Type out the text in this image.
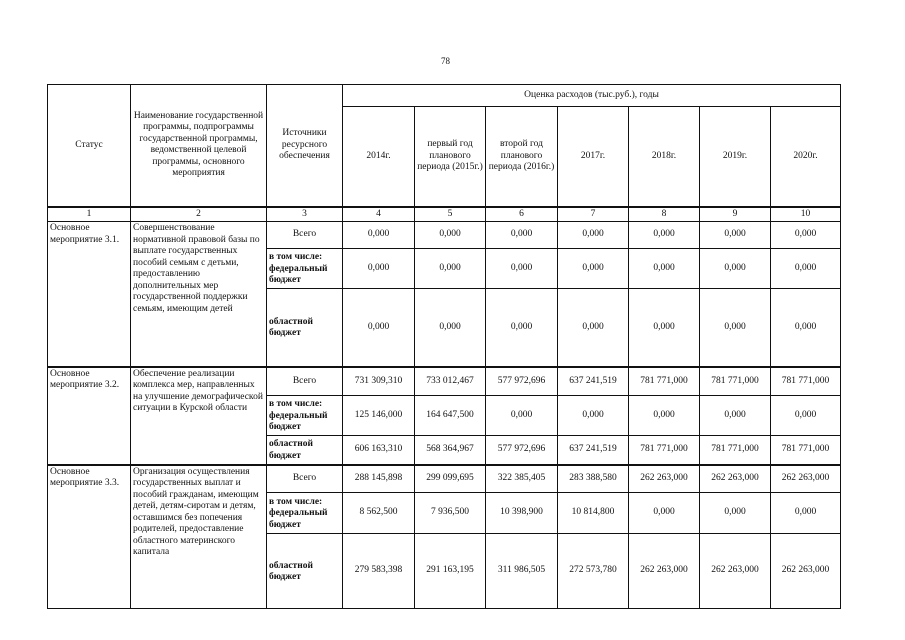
78
Статус	Наименование государственной программы, подпрограммы государственной программы, ведомственной целевой программы, основного мероприятия	Источники ресурсного обеспечения	Оценка расходов (тыс.руб.), годы						
			2014г.	первый год планового периода (2015г.)	второй год планового периода (2016г.)	2017г.	2018г.	2019г.	2020г.
1	2	3	4	5	6	7	8	9	10
Основное мероприятие 3.1.	Совершенствование нормативной правовой базы по выплате государственных пособий семьям с детьми, предоставлению дополнительных мер государственной поддержки семьям, имеющим детей	Всего	0,000	0,000	0,000	0,000	0,000	0,000	0,000
		в том числе: федеральный бюджет	0,000	0,000	0,000	0,000	0,000	0,000	0,000
		областной бюджет	0,000	0,000	0,000	0,000	0,000	0,000	0,000
Основное мероприятие 3.2.	Обеспечение реализации комплекса мер, направленных на улучшение демографической ситуации в Курской области	Всего	731 309,310	733 012,467	577 972,696	637 241,519	781 771,000	781 771,000	781 771,000
		в том числе: федеральный бюджет	125 146,000	164 647,500	0,000	0,000	0,000	0,000	0,000
		областной бюджет	606 163,310	568 364,967	577 972,696	637 241,519	781 771,000	781 771,000	781 771,000
Основное мероприятие 3.3.	Организация осуществления государственных выплат и пособий гражданам, имеющим детей, детям-сиротам и детям, оставшимся без попечения родителей, предоставление областного материнского капитала	Всего	288 145,898	299 099,695	322 385,405	283 388,580	262 263,000	262 263,000	262 263,000
		в том числе: федеральный бюджет	8 562,500	7 936,500	10 398,900	10 814,800	0,000	0,000	0,000
		областной бюджет	279 583,398	291 163,195	311 986,505	272 573,780	262 263,000	262 263,000	262 263,000
